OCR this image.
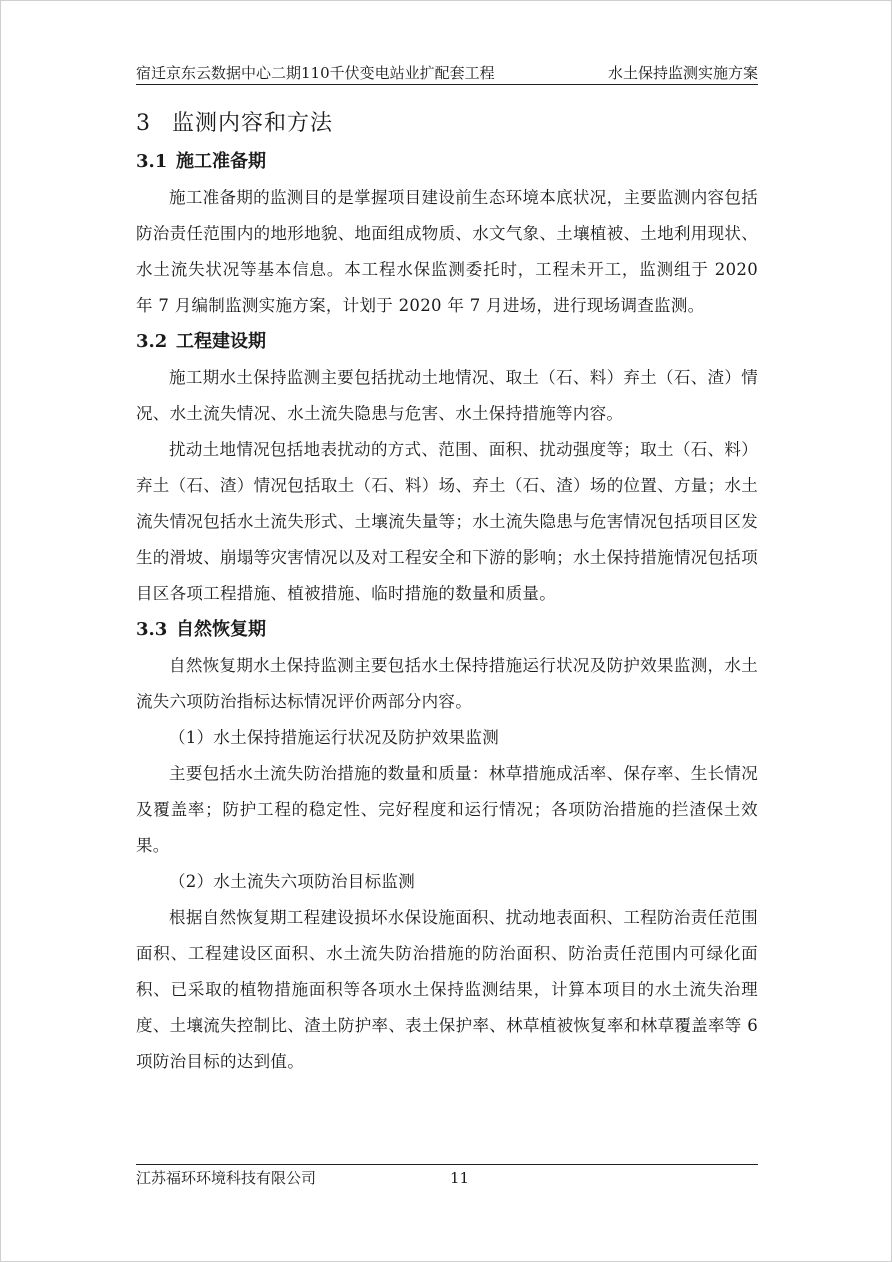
宿迁京东云数据中心二期110千伏变电站业扩配套工程	水土保持监测实施方案
3 监测内容和方法
3.1 施工准备期

施工准备期的监测目的是掌握项目建设前生态环境本底状况，主要监测内容包括防治责任范围内的地形地貌、地面组成物质、水文气象、土壤植被、土地利用现状、水土流失状况等基本信息。本工程水保监测委托时，工程未开工，监测组于 2020 年 7 月编制监测实施方案，计划于 2020 年 7 月进场，进行现场调查监测。

3.2 工程建设期

施工期水土保持监测主要包括扰动土地情况、取土（石、料）弃土（石、渣）情况、水土流失情况、水土流失隐患与危害、水土保持措施等内容。

扰动土地情况包括地表扰动的方式、范围、面积、扰动强度等；取土（石、料）弃土（石、渣）情况包括取土（石、料）场、弃土（石、渣）场的位置、方量；水土流失情况包括水土流失形式、土壤流失量等；水土流失隐患与危害情况包括项目区发生的滑坡、崩塌等灾害情况以及对工程安全和下游的影响；水土保持措施情况包括项目区各项工程措施、植被措施、临时措施的数量和质量。

3.3 自然恢复期

自然恢复期水土保持监测主要包括水土保持措施运行状况及防护效果监测，水土流失六项防治指标达标情况评价两部分内容。

（1）水土保持措施运行状况及防护效果监测

主要包括水土流失防治措施的数量和质量：林草措施成活率、保存率、生长情况及覆盖率；防护工程的稳定性、完好程度和运行情况；各项防治措施的拦渣保土效果。

（2）水土流失六项防治目标监测

根据自然恢复期工程建设损坏水保设施面积、扰动地表面积、工程防治责任范围面积、工程建设区面积、水土流失防治措施的防治面积、防治责任范围内可绿化面积、已采取的植物措施面积等各项水土保持监测结果，计算本项目的水土流失治理度、土壤流失控制比、渣土防护率、表土保护率、林草植被恢复率和林草覆盖率等 6 项防治目标的达到值。

江苏福环环境科技有限公司	11
